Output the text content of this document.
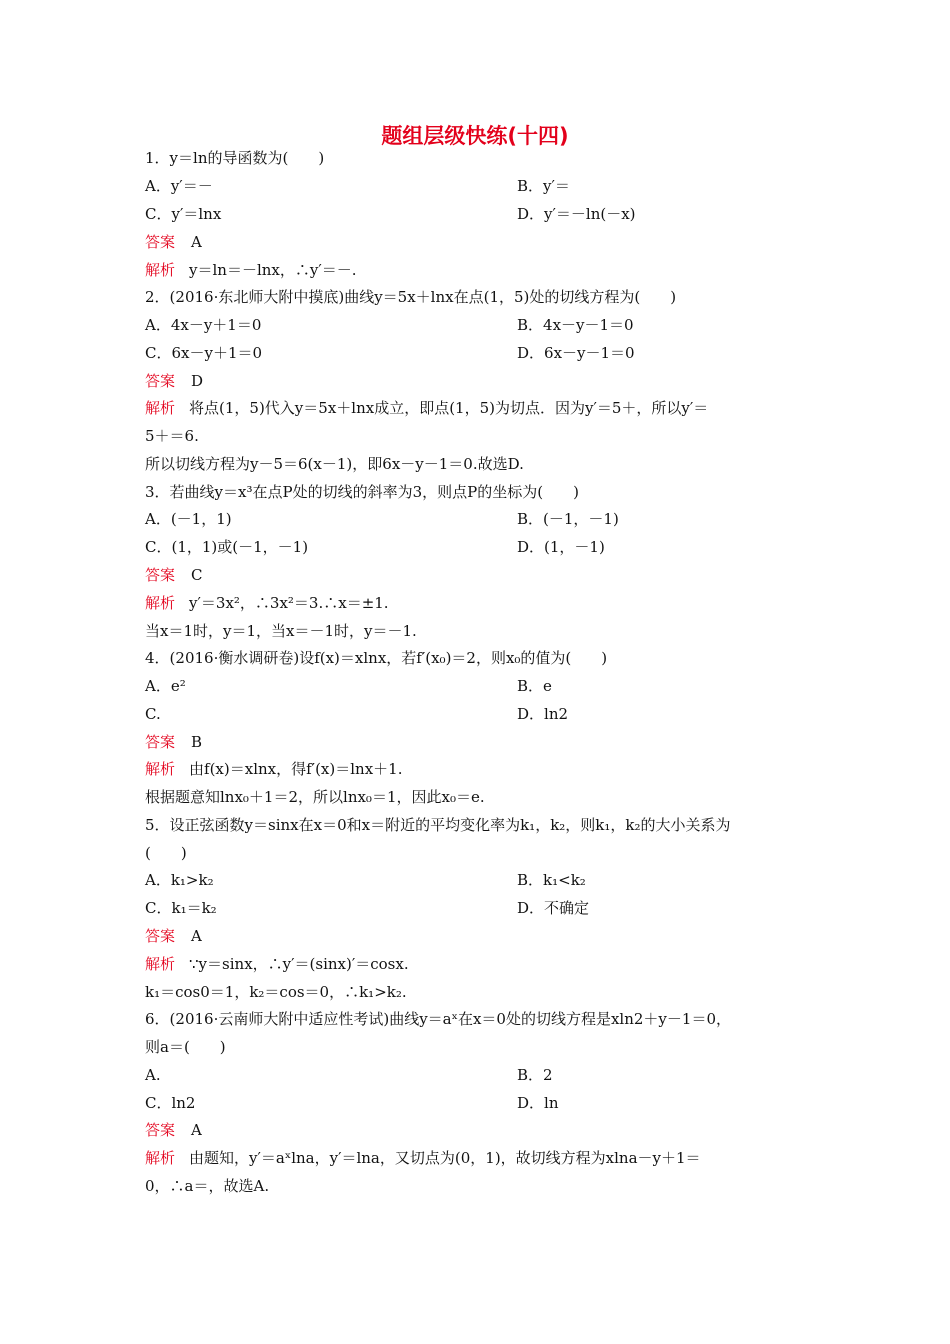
题组层级快练(十四)
1．y＝ln的导函数为(　　)
A．y′＝－	B．y′＝
C．y′＝lnx	D．y′＝－ln(－x)
答案 A
解析 y＝ln＝－lnx，∴y′＝－.
2．(2016·东北师大附中摸底)曲线y＝5x＋lnx在点(1，5)处的切线方程为(　　)
A．4x－y＋1＝0	B．4x－y－1＝0
C．6x－y＋1＝0	D．6x－y－1＝0
答案 D
解析 将点(1，5)代入y＝5x＋lnx成立，即点(1，5)为切点．因为y′＝5＋，所以y′＝
5＋＝6.
所以切线方程为y－5＝6(x－1)，即6x－y－1＝0.故选D.
3．若曲线y＝x³在点P处的切线的斜率为3，则点P的坐标为(　　)
A．(－1，1)	B．(－1，－1)
C．(1，1)或(－1，－1)	D．(1，－1)
答案 C
解析 y′＝3x²，∴3x²＝3.∴x＝±1.
当x＝1时，y＝1，当x＝－1时，y＝－1.
4．(2016·衡水调研卷)设f(x)＝xlnx，若f′(x₀)＝2，则x₀的值为(　　)
A．e²	B．e
C.	D．ln2
答案 B
解析 由f(x)＝xlnx，得f′(x)＝lnx＋1.
根据题意知lnx₀＋1＝2，所以lnx₀＝1，因此x₀＝e.
5．设正弦函数y＝sinx在x＝0和x＝附近的平均变化率为k₁，k₂，则k₁，k₂的大小关系为
(　　)
A．k₁>k₂	B．k₁<k₂
C．k₁＝k₂	D．不确定
答案 A
解析 ∵y＝sinx，∴y′＝(sinx)′＝cosx.
k₁＝cos0＝1，k₂＝cos＝0，∴k₁>k₂.
6．(2016·云南师大附中适应性考试)曲线y＝aˣ在x＝0处的切线方程是xln2＋y－1＝0，
则a＝(　　)
A.	B．2
C．ln2	D．ln
答案 A
解析 由题知，y′＝aˣlna，y′＝lna，又切点为(0，1)，故切线方程为xlna－y＋1＝
0，∴a＝，故选A.
